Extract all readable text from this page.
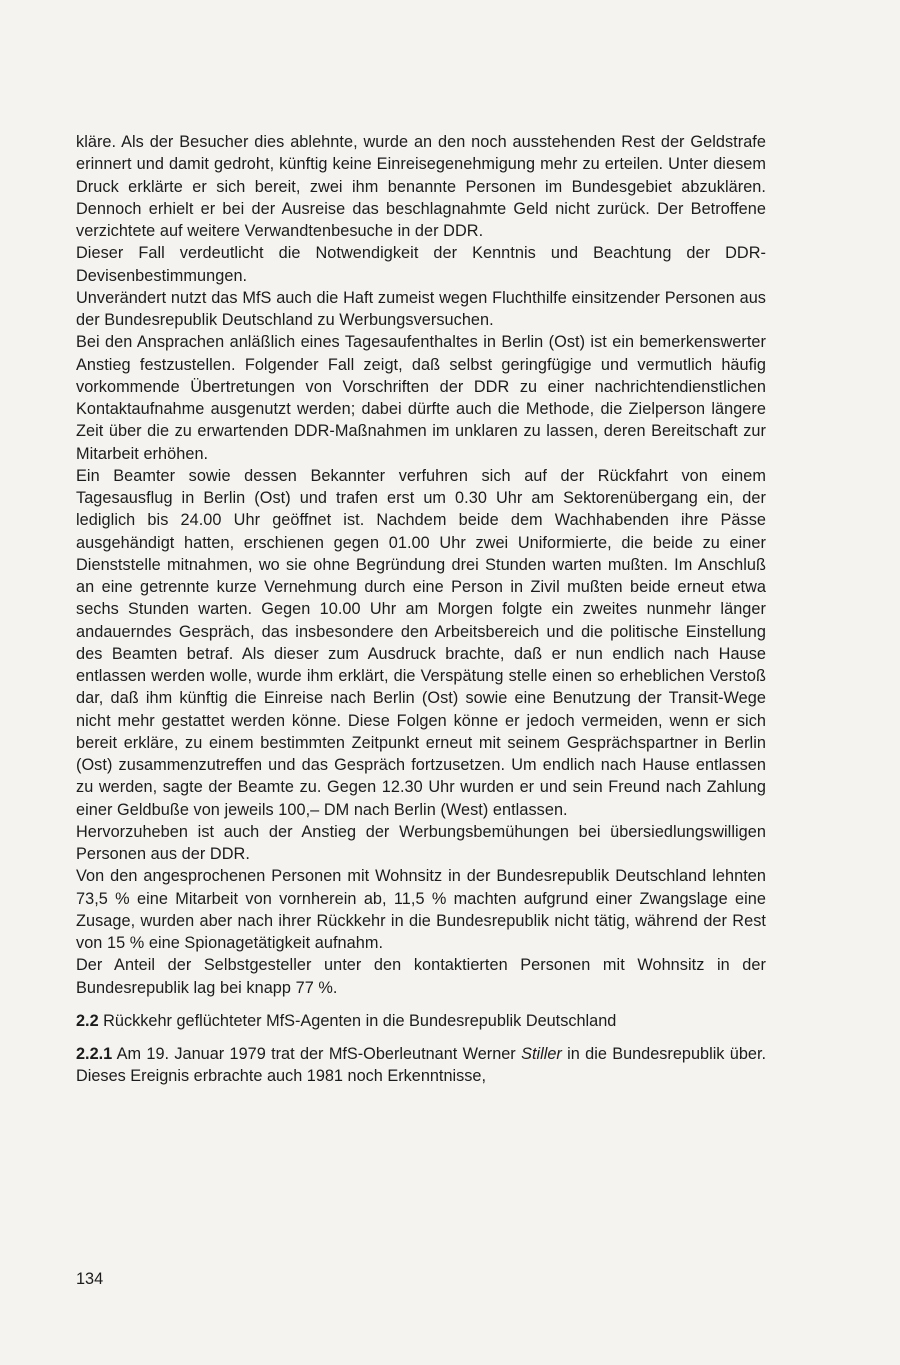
kläre. Als der Besucher dies ablehnte, wurde an den noch ausstehenden Rest der Geldstrafe erinnert und damit gedroht, künftig keine Einreisegenehmigung mehr zu erteilen. Unter diesem Druck erklärte er sich bereit, zwei ihm benannte Personen im Bundesgebiet abzuklären. Dennoch erhielt er bei der Ausreise das beschlagnahmte Geld nicht zurück. Der Betroffene verzichtete auf weitere Verwandtenbesuche in der DDR.

Dieser Fall verdeutlicht die Notwendigkeit der Kenntnis und Beachtung der DDR-Devisenbestimmungen.

Unverändert nutzt das MfS auch die Haft zumeist wegen Fluchthilfe einsitzender Personen aus der Bundesrepublik Deutschland zu Werbungsversuchen.

Bei den Ansprachen anläßlich eines Tagesaufenthaltes in Berlin (Ost) ist ein bemerkenswerter Anstieg festzustellen. Folgender Fall zeigt, daß selbst geringfügige und vermutlich häufig vorkommende Übertretungen von Vorschriften der DDR zu einer nachrichtendienstlichen Kontaktaufnahme ausgenutzt werden; dabei dürfte auch die Methode, die Zielperson längere Zeit über die zu erwartenden DDR-Maßnahmen im unklaren zu lassen, deren Bereitschaft zur Mitarbeit erhöhen.

Ein Beamter sowie dessen Bekannter verfuhren sich auf der Rückfahrt von einem Tagesausflug in Berlin (Ost) und trafen erst um 0.30 Uhr am Sektorenübergang ein, der lediglich bis 24.00 Uhr geöffnet ist. Nachdem beide dem Wachhabenden ihre Pässe ausgehändigt hatten, erschienen gegen 01.00 Uhr zwei Uniformierte, die beide zu einer Dienststelle mitnahmen, wo sie ohne Begründung drei Stunden warten mußten. Im Anschluß an eine getrennte kurze Vernehmung durch eine Person in Zivil mußten beide erneut etwa sechs Stunden warten. Gegen 10.00 Uhr am Morgen folgte ein zweites nunmehr länger andauerndes Gespräch, das insbesondere den Arbeitsbereich und die politische Einstellung des Beamten betraf. Als dieser zum Ausdruck brachte, daß er nun endlich nach Hause entlassen werden wolle, wurde ihm erklärt, die Verspätung stelle einen so erheblichen Verstoß dar, daß ihm künftig die Einreise nach Berlin (Ost) sowie eine Benutzung der Transit-Wege nicht mehr gestattet werden könne. Diese Folgen könne er jedoch vermeiden, wenn er sich bereit erkläre, zu einem bestimmten Zeitpunkt erneut mit seinem Gesprächspartner in Berlin (Ost) zusammenzutreffen und das Gespräch fortzusetzen. Um endlich nach Hause entlassen zu werden, sagte der Beamte zu. Gegen 12.30 Uhr wurden er und sein Freund nach Zahlung einer Geldbuße von jeweils 100,– DM nach Berlin (West) entlassen.

Hervorzuheben ist auch der Anstieg der Werbungsbemühungen bei übersiedlungswilligen Personen aus der DDR.

Von den angesprochenen Personen mit Wohnsitz in der Bundesrepublik Deutschland lehnten 73,5 % eine Mitarbeit von vornherein ab, 11,5 % machten aufgrund einer Zwangslage eine Zusage, wurden aber nach ihrer Rückkehr in die Bundesrepublik nicht tätig, während der Rest von 15 % eine Spionagetätigkeit aufnahm.

Der Anteil der Selbstgesteller unter den kontaktierten Personen mit Wohnsitz in der Bundesrepublik lag bei knapp 77 %.

2.2 Rückkehr geflüchteter MfS-Agenten in die Bundesrepublik Deutschland

2.2.1 Am 19. Januar 1979 trat der MfS-Oberleutnant Werner Stiller in die Bundesrepublik über. Dieses Ereignis erbrachte auch 1981 noch Erkenntnisse,

134
